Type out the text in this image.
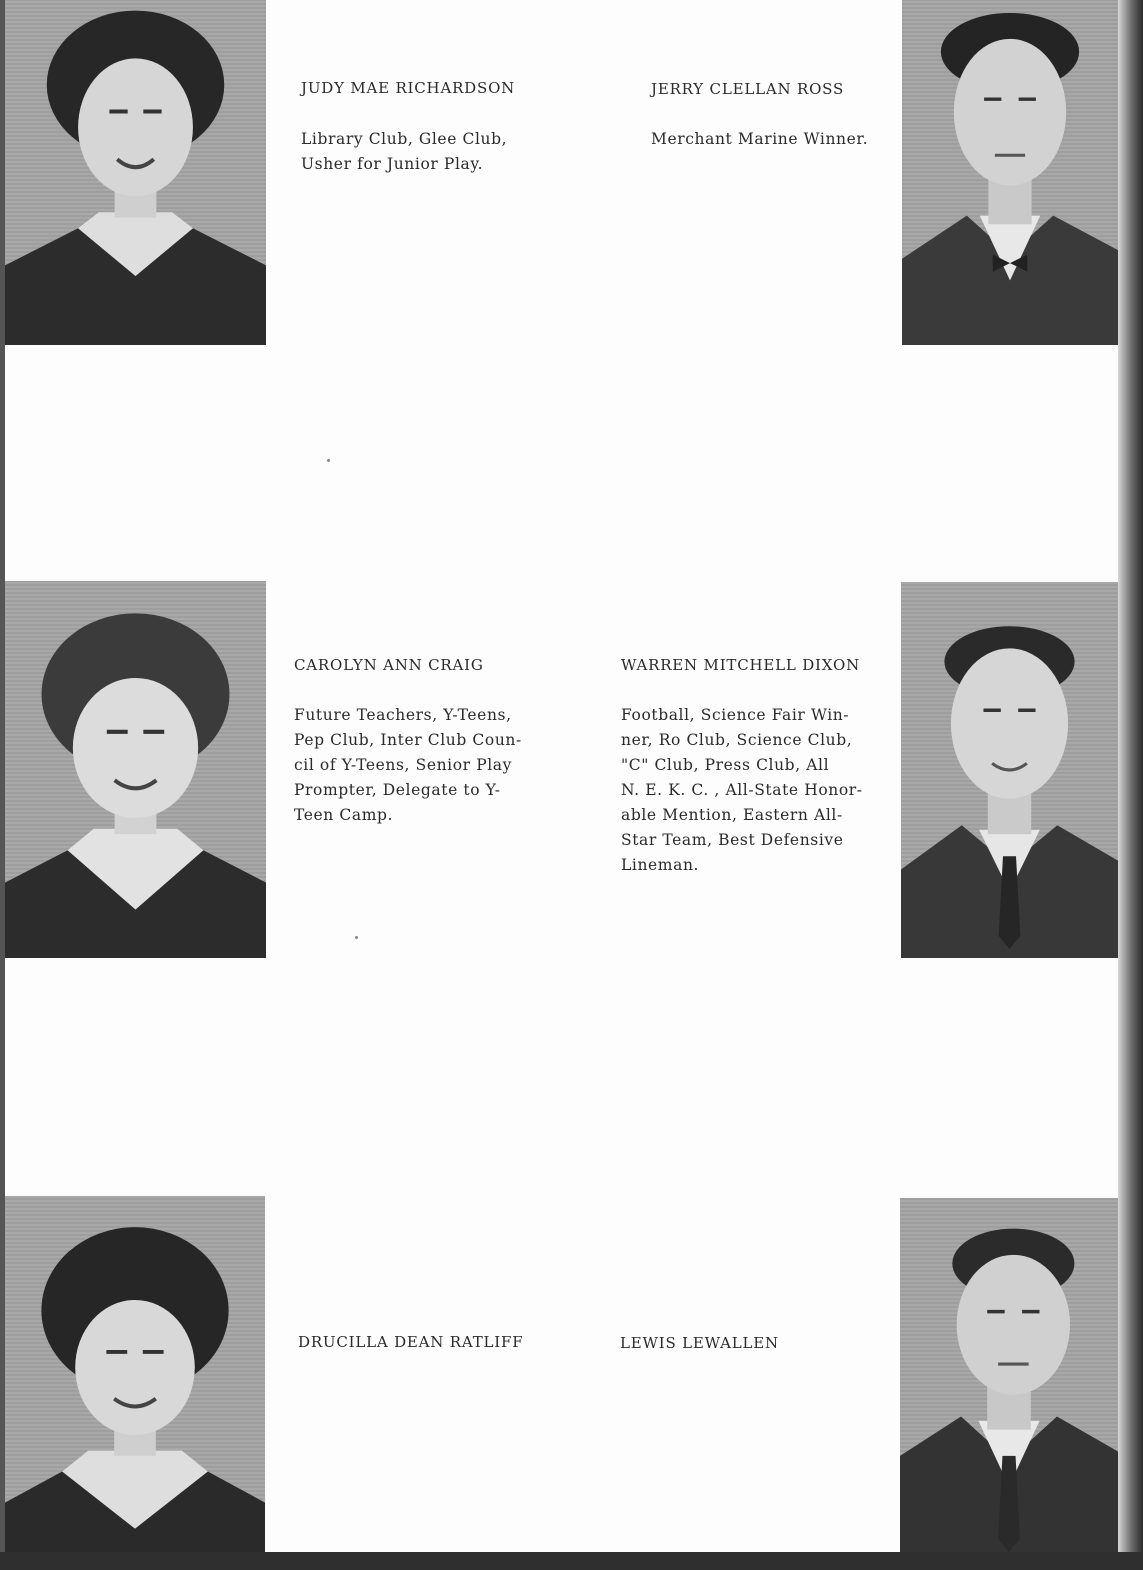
JUDY MAE RICHARDSON

Library Club, Glee Club,
Usher for Junior Play.

JERRY CLELLAN ROSS

Merchant Marine Winner.

CAROLYN ANN CRAIG

Future Teachers, Y-Teens,
Pep Club, Inter Club Coun-
cil of Y-Teens, Senior Play
Prompter, Delegate to Y-
Teen Camp.

WARREN MITCHELL DIXON

Football, Science Fair Win-
ner, Ro Club, Science Club,
"C" Club, Press Club, All
N. E. K. C. , All-State Honor-
able Mention, Eastern All-
Star Team, Best Defensive
Lineman.

DRUCILLA DEAN RATLIFF	LEWIS LEWALLEN
